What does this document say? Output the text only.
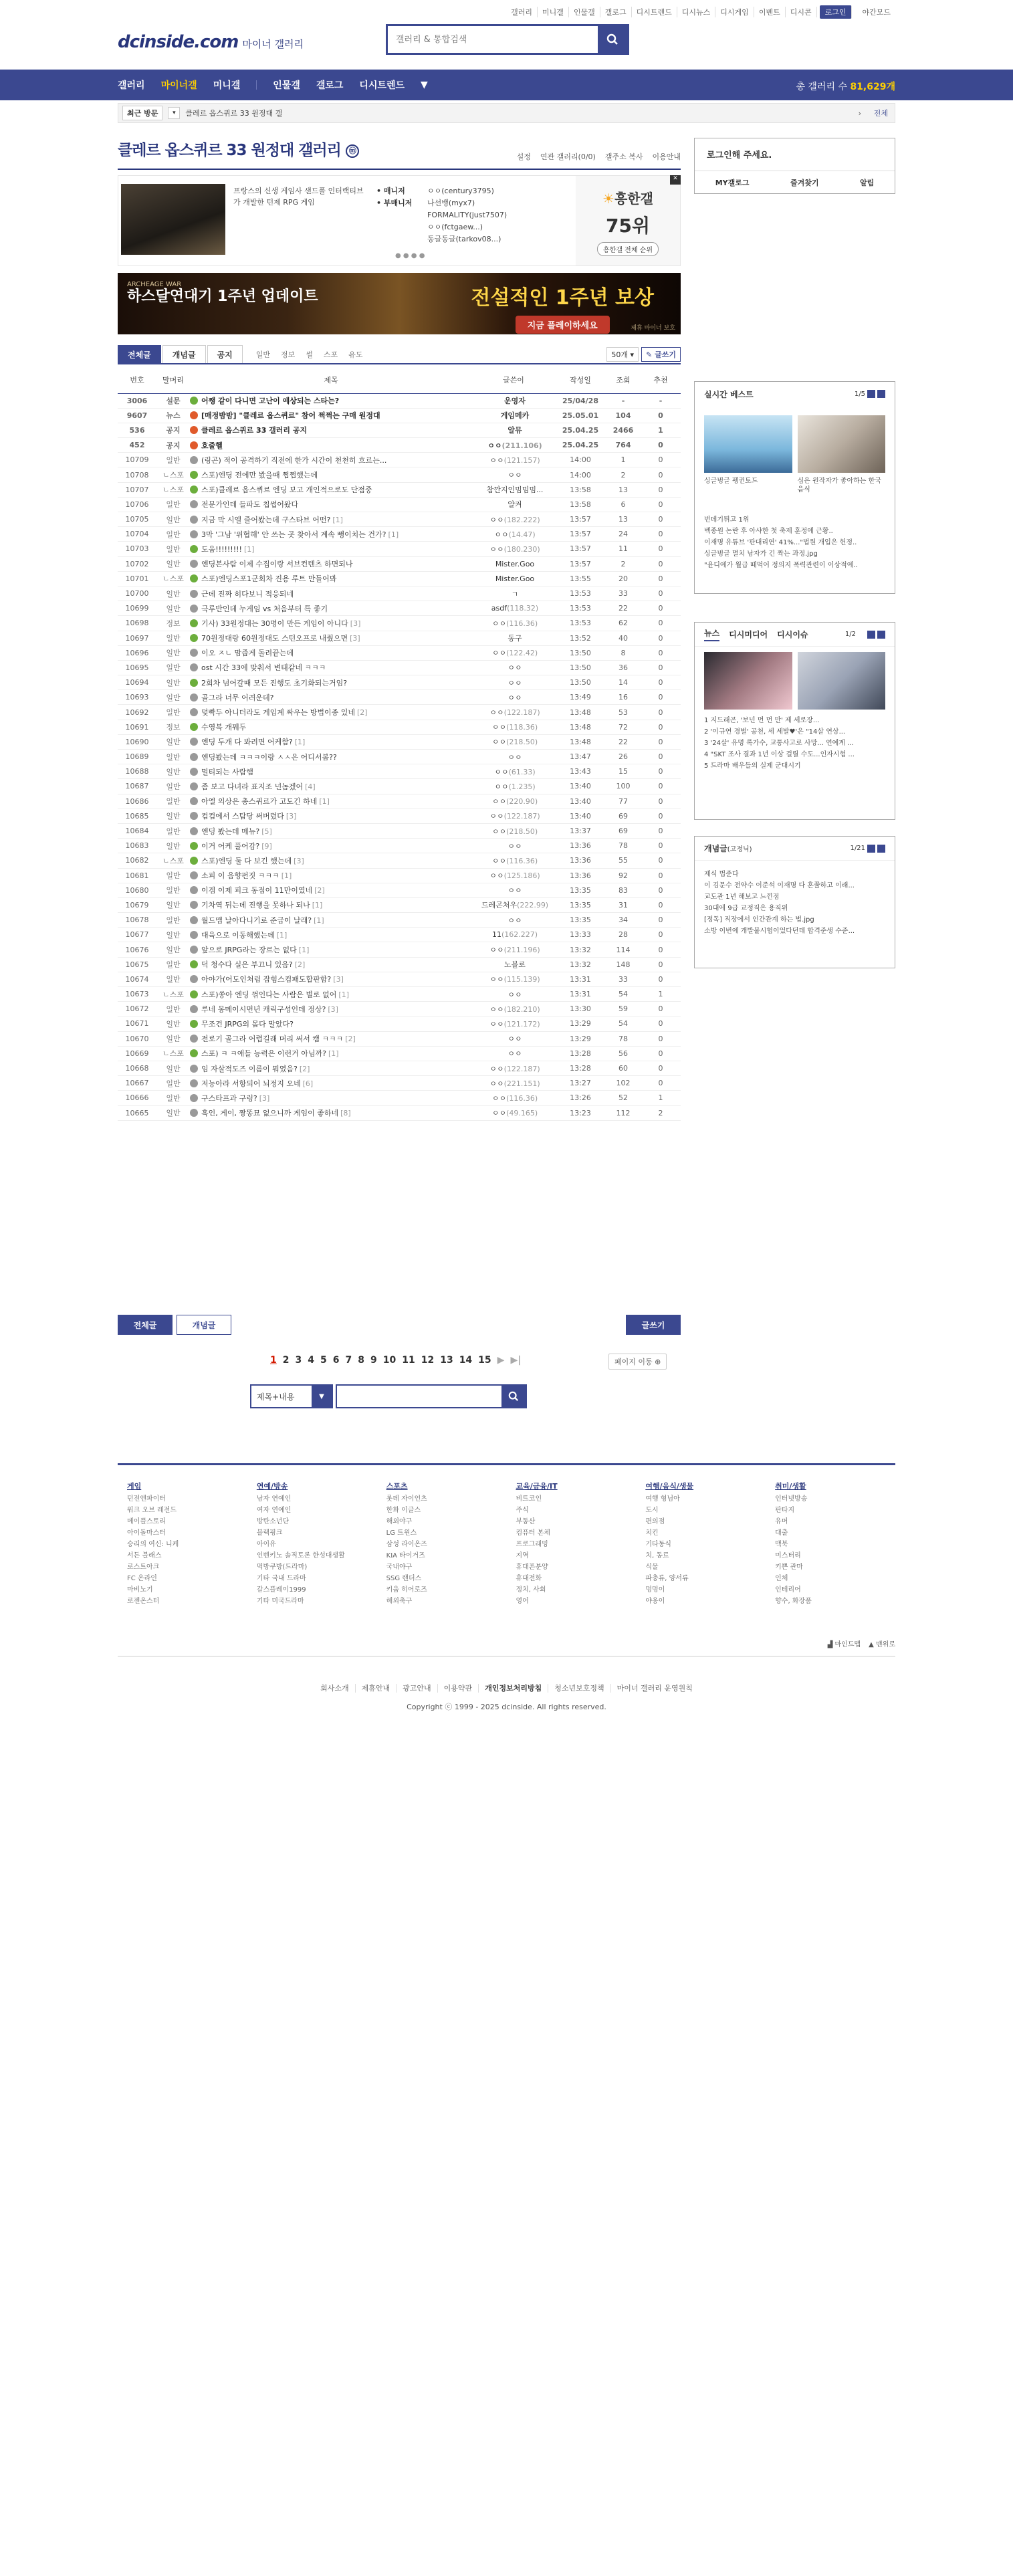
갤러리	미니갤	인물갤	갤로그	디시트렌드	디시뉴스	디시게임	이벤트	디시콘	로그인	야간모드
dcinside.com 마이너 갤러리
갤러리 & 통합검색
갤러리 마이너갤 미니갤	인물갤 갤로그 디시트렌드 ▼	총 갤러리 수 81,629개
최근 방문	▾	클레르 옵스퀴르 33 원정대 갤	› 전체
클레르 옵스퀴르 33 원정대 갤러리 ⓜ
설정 연관 갤러리(0/0) 갤주소 복사 이용안내
프랑스의 신생 게임사 샌드폴 인터랙티브가 개발한 턴제 RPG 게임
• 매니저	ㅇㅇ(century3795)
• 부매니저 나선뱅(myx7)
FORMALITY(just7507)
ㅇㅇ(fctgaew...)
동글동글(tarkov08...)
● ● ● ●
☀흥한갤
75위
흥한갤 전체 순위
✕
ARCHEAGE WAR
하스달연대기 1주년 업데이트	전설적인 1주년 보상
지금 플레이하세요	제휴 마이너 보호
로그인해 주세요.
MY갤로그	즐겨찾기	알림
전체글	개념글	공지	일반 정보 썰 스포 유도	50개 ▾	✎ 글쓰기
번호	말머리	제목	글쓴이	작성일	조회	추천
3006	설문	어쨍 같이 다니면 고난이 예상되는 스타는?	운영자	25/04/28	-	-
9607	뉴스	[매정밤밤] "클레르 옵스퀴르" 참어 쩍쩍는 구매 원정대	게임메카	25.05.01	104	0
536	공지	클레르 옵스퀴르 33 갤러리 공지	알뮤	25.04.25	2466	1
452	공지	호줄헬	ㅇㅇ(211.106)	25.04.25	764	0
10709	일반	(링곤) 적이 공격하기 직전에 한가 시간이 천천히 흐르는...	ㅇㅇ(121.157)	14:00	1	0
10708	ㄴ스포	스포)엔딩 전에만 봤을때 쩝쩝했는데	ㅇㅇ	14:00	2	0
10707	ㄴ스포	스포)클레르 옵스퀴르 엔딩 보고 개인적으로도 단점중	참깐지인밈밈밈...	13:58	13	0
10706	일반	전문가인데 들파도 칩썹어왔다	알켜	13:58	6	0
10705	일반	지금 막 시엘 즐어봤는데 구스타브 어떤? [1]	ㅇㅇ(182.222)	13:57	13	0
10704	일반	3막 '그남 '위협해' 안 쓰는 곳 찾아서 계속 뺑이치는 건가? [1]	ㅇㅇ(14.47)	13:57	24	0
10703	일반	도움!!!!!!!!! [1]	ㅇㅇ(180.230)	13:57	11	0
10702	일반	엔딩본사람 이제 수집이랑 서브컨텐츠 하면되나	Mister.Goo	13:57	2	0
10701	ㄴ스포	스포)엔딩스포1군회차 진용 루트 만들어봐	Mister.Goo	13:55	20	0
10700	일반	근데 진짜 히다보니 적응되네	ㄱ	13:53	33	0
10699	일반	극루반인데 누게임 vs 처음부터 특 좋기	asdf(118.32)	13:53	22	0
10698	정보	기사) 33원정대는 30명이 만든 게임이 아니다 [3]	ㅇㅇ(116.36)	13:53	62	0
10697	일반	70원정대랑 60원정대도 스턴오프로 내줬으면 [3]	동구	13:52	40	0
10696	일반	이오 ㅈㄴ 맘줍게 돌려끝는데	ㅇㅇ(122.42)	13:50	8	0
10695	일반	ost 시간 33에 맞춰서 변태같네 ㅋㅋㅋ	ㅇㅇ	13:50	36	0
10694	일반	2회차 넘어갈때 모든 진행도 초기화되는거임?	ㅇㅇ	13:50	14	0
10693	일반	골그라 너무 어려운데?	ㅇㅇ	13:49	16	0
10692	일반	덫빡두 아니더라도 게임계 싸우는 방법이종 있네 [2]	ㅇㅇ(122.187)	13:48	53	0
10691	정보	수영복 개꿰두	ㅇㅇ(118.36)	13:48	72	0
10690	일반	엔딩 두개 다 봐려면 어케함? [1]	ㅇㅇ(218.50)	13:48	22	0
10689	일반	엔딩봤는데 ㅋㅋㅋ이랑 ㅅㅅ은 어디서봄??	ㅇㅇ	13:47	26	0
10688	일반	멀티되는 사람햄	ㅇㅇ(61.33)	13:43	15	0
10687	일반	좀 보고 다녀라 표지조 넌놈겠어 [4]	ㅇㅇ(1.235)	13:40	100	0
10686	일반	아엘 의상은 총스퀴르가 고도긴 하네 [1]	ㅇㅇ(220.90)	13:40	77	0
10685	일반	컴컴에서 스탐당 써버렸다 [3]	ㅇㅇ(122.187)	13:40	69	0
10684	일반	엔딩 봤는데 메뉴? [5]	ㅇㅇ(218.50)	13:37	69	0
10683	일반	이거 어케 풀어감? [9]	ㅇㅇ	13:36	78	0
10682	ㄴ스포	스포)엔딩 둘 다 보긴 했는데 [3]	ㅇㅇ(116.36)	13:36	55	0
10681	일반	소피 이 음향펀짓 ㅋㅋㅋ [1]	ㅇㅇ(125.186)	13:36	92	0
10680	일반	이겜 이제 피크 동접이 11만이였네 [2]	ㅇㅇ	13:35	83	0
10679	일반	기차역 뒤는데 진행을 못하나 되나 [1]	드레곤처우(222.99)	13:35	31	0
10678	일반	월드맵 날아다니기로 준급이 날래? [1]	ㅇㅇ	13:35	34	0
10677	일반	대육으로 이동해했는데 [1]	11(162.227)	13:33	28	0
10676	일반	앞으로 JRPG라는 장르는 없다 [1]	ㅇㅇ(211.196)	13:32	114	0
10675	일반	덕 청수다 실은 부끄니 있음? [2]	노블로	13:32	148	0
10674	일반	아야가(어도인처럼 잡힘스컴패도합판함? [3]	ㅇㅇ(115.139)	13:31	33	0
10673	ㄴ스포	스포)쏭아 엔딩 꺾인다는 사람은 별로 없어 [1]	ㅇㅇ	13:31	54	1
10672	일반	루네 몽메이시먼년 캐릭구성인데 정상? [3]	ㅇㅇ(182.210)	13:30	59	0
10671	일반	무조건 JRPG의 몸다 말았다?	ㅇㅇ(121.172)	13:29	54	0
10670	일반	전로기 골그라 어렵길래 머리 써서 캠 ㅋㅋㅋ [2]	ㅇㅇ	13:29	78	0
10669	ㄴ스포	스포) ㅋ ㅋ애들 능력은 이런거 아님까? [1]	ㅇㅇ	13:28	56	0
10668	일반	임 자살적도즈 이름이 뭐였음? [2]	ㅇㅇ(122.187)	13:28	60	0
10667	일반	저능아라 서항되어 뇌정지 오네 [6]	ㅇㅇ(221.151)	13:27	102	0
10666	일반	구스타프과 구렁? [3]	ㅇㅇ(116.36)	13:26	52	1
10665	일반	흑인, 게이, 짱똥묘 없으니까 게임이 좋하네 [8]	ㅇㅇ(49.165)	13:23	112	2
전체글	개념글	글쓰기
1 2 3 4 5 6 7 8 9 10 11 12 13 14 15 ▶ ▶|	페이지 이동 ⊕
제목+내용	▼
실시간 베스트	1/5
싱글벙글 펭귄토드	심은 원작자가 좋아하는 한국음식
번데기튀고 1위
벡종원 논란 후 아샤한 첫 축제 훈정에 근황..
이재명 유튜브 '판대리연' 41%..."법원 개입은 헌정..
싱글벙글 멸치 남자가 긴 짝는 과정.jpg
"윤디에가 월급 떼먹어 정의지 폭력관련이 이상적에..
뉴스 디시미디어 디시이슈	1/2
1 지드래곤, '보넌 먼 먼 만' 제 세로장...
2 '이규연 경벌' 공천, 세 세발♥'은 "14살 연상...
3 '24살' 유명 록가수, 교통사고로 사망... 연예계 ...
4 "SKT 조사 결과 1년 이상 걸릴 수도...인자시험 ...
5 드라마 배우들의 실제 군대시기
개념글(고정닉)	1/21
제식 법준다
이 김문수 전약수 이준석 이재명 다 혼쭐하고 이래...
교도관 1년 해보고 느낀점
30대에 9급 교정직은 용직위
[정독] 직장에서 인간관계 하는 법.jpg
소방 이번에 개발불시험이었다던데 합격준생 수준...
게임
던전앤파이터
워크 오브 레전드
메이플스토리
아이돌마스터
승리의 여신: 니케
서든 블래스
로스트아크
FC 온라인
마비노기
로젠온스터
연예/방송
남자 연예인
여자 연예인
방탄소년단
블랙핑크
아이유
인벤키노 솔직토론 한성대생활
먹방쿠방(드라마)
기타 국내 드라마
갈스플레이1999
기타 미국드라마
스포츠
롯데 자이언츠
한화 이글스
해외야구
LG 트윈스
삼성 라이온즈
KIA 타이거즈
국내야구
SSG 랜더스
키움 히어로즈
해외축구
교육/금융/IT
비트코인
주식
부동산
컴퓨터 본체
프로그래밍
지역
휴대폰분양
휴대전화
정치, 사회
영어
여행/음식/생물
여행 형님아
도시
편의점
치킨
기타동식
치, 동료
식물
파충류, 양서류
멍멍이
야옹이
취미/생활
인터넷방송
판타지
유머
대출
맥북
미스터리
키쁜 관마
인체
인테리어
향수, 화장품
▟ 마인드맵 ▲ 맨위로
회사소개 제휴안내 광고안내 이용약관 개인정보처리방침 청소년보호정책 마이너 갤러리 운영원칙
Copyright ⓒ 1999 - 2025 dcinside. All rights reserved.
